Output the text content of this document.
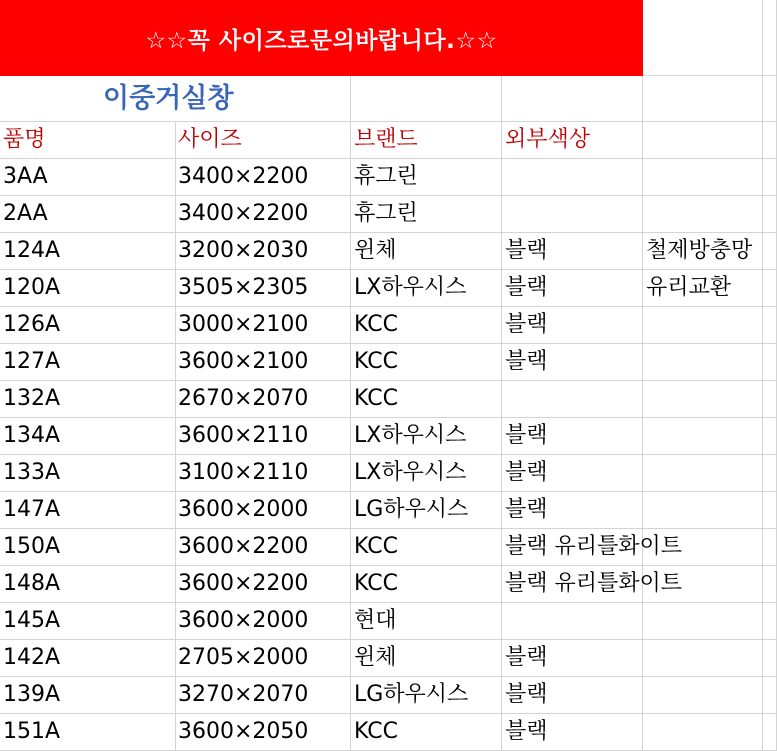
☆☆꼭 사이즈로문의바랍니다.☆☆
이중거실창
품명	사이즈	브랜드	외부색상
3AA	3400×2200	휴그린
2AA	3400×2200	휴그린
124A	3200×2030	윈체	블랙	철제방충망
120A	3505×2305	LX하우시스	블랙	유리교환
126A	3000×2100	KCC	블랙
127A	3600×2100	KCC	블랙
132A	2670×2070	KCC
134A	3600×2110	LX하우시스	블랙
133A	3100×2110	LX하우시스	블랙
147A	3600×2000	LG하우시스	블랙
150A	3600×2200	KCC	블랙 유리틀화이트
148A	3600×2200	KCC	블랙 유리틀화이트
145A	3600×2000	현대
142A	2705×2000	윈체	블랙
139A	3270×2070	LG하우시스	블랙
151A	3600×2050	KCC	블랙
